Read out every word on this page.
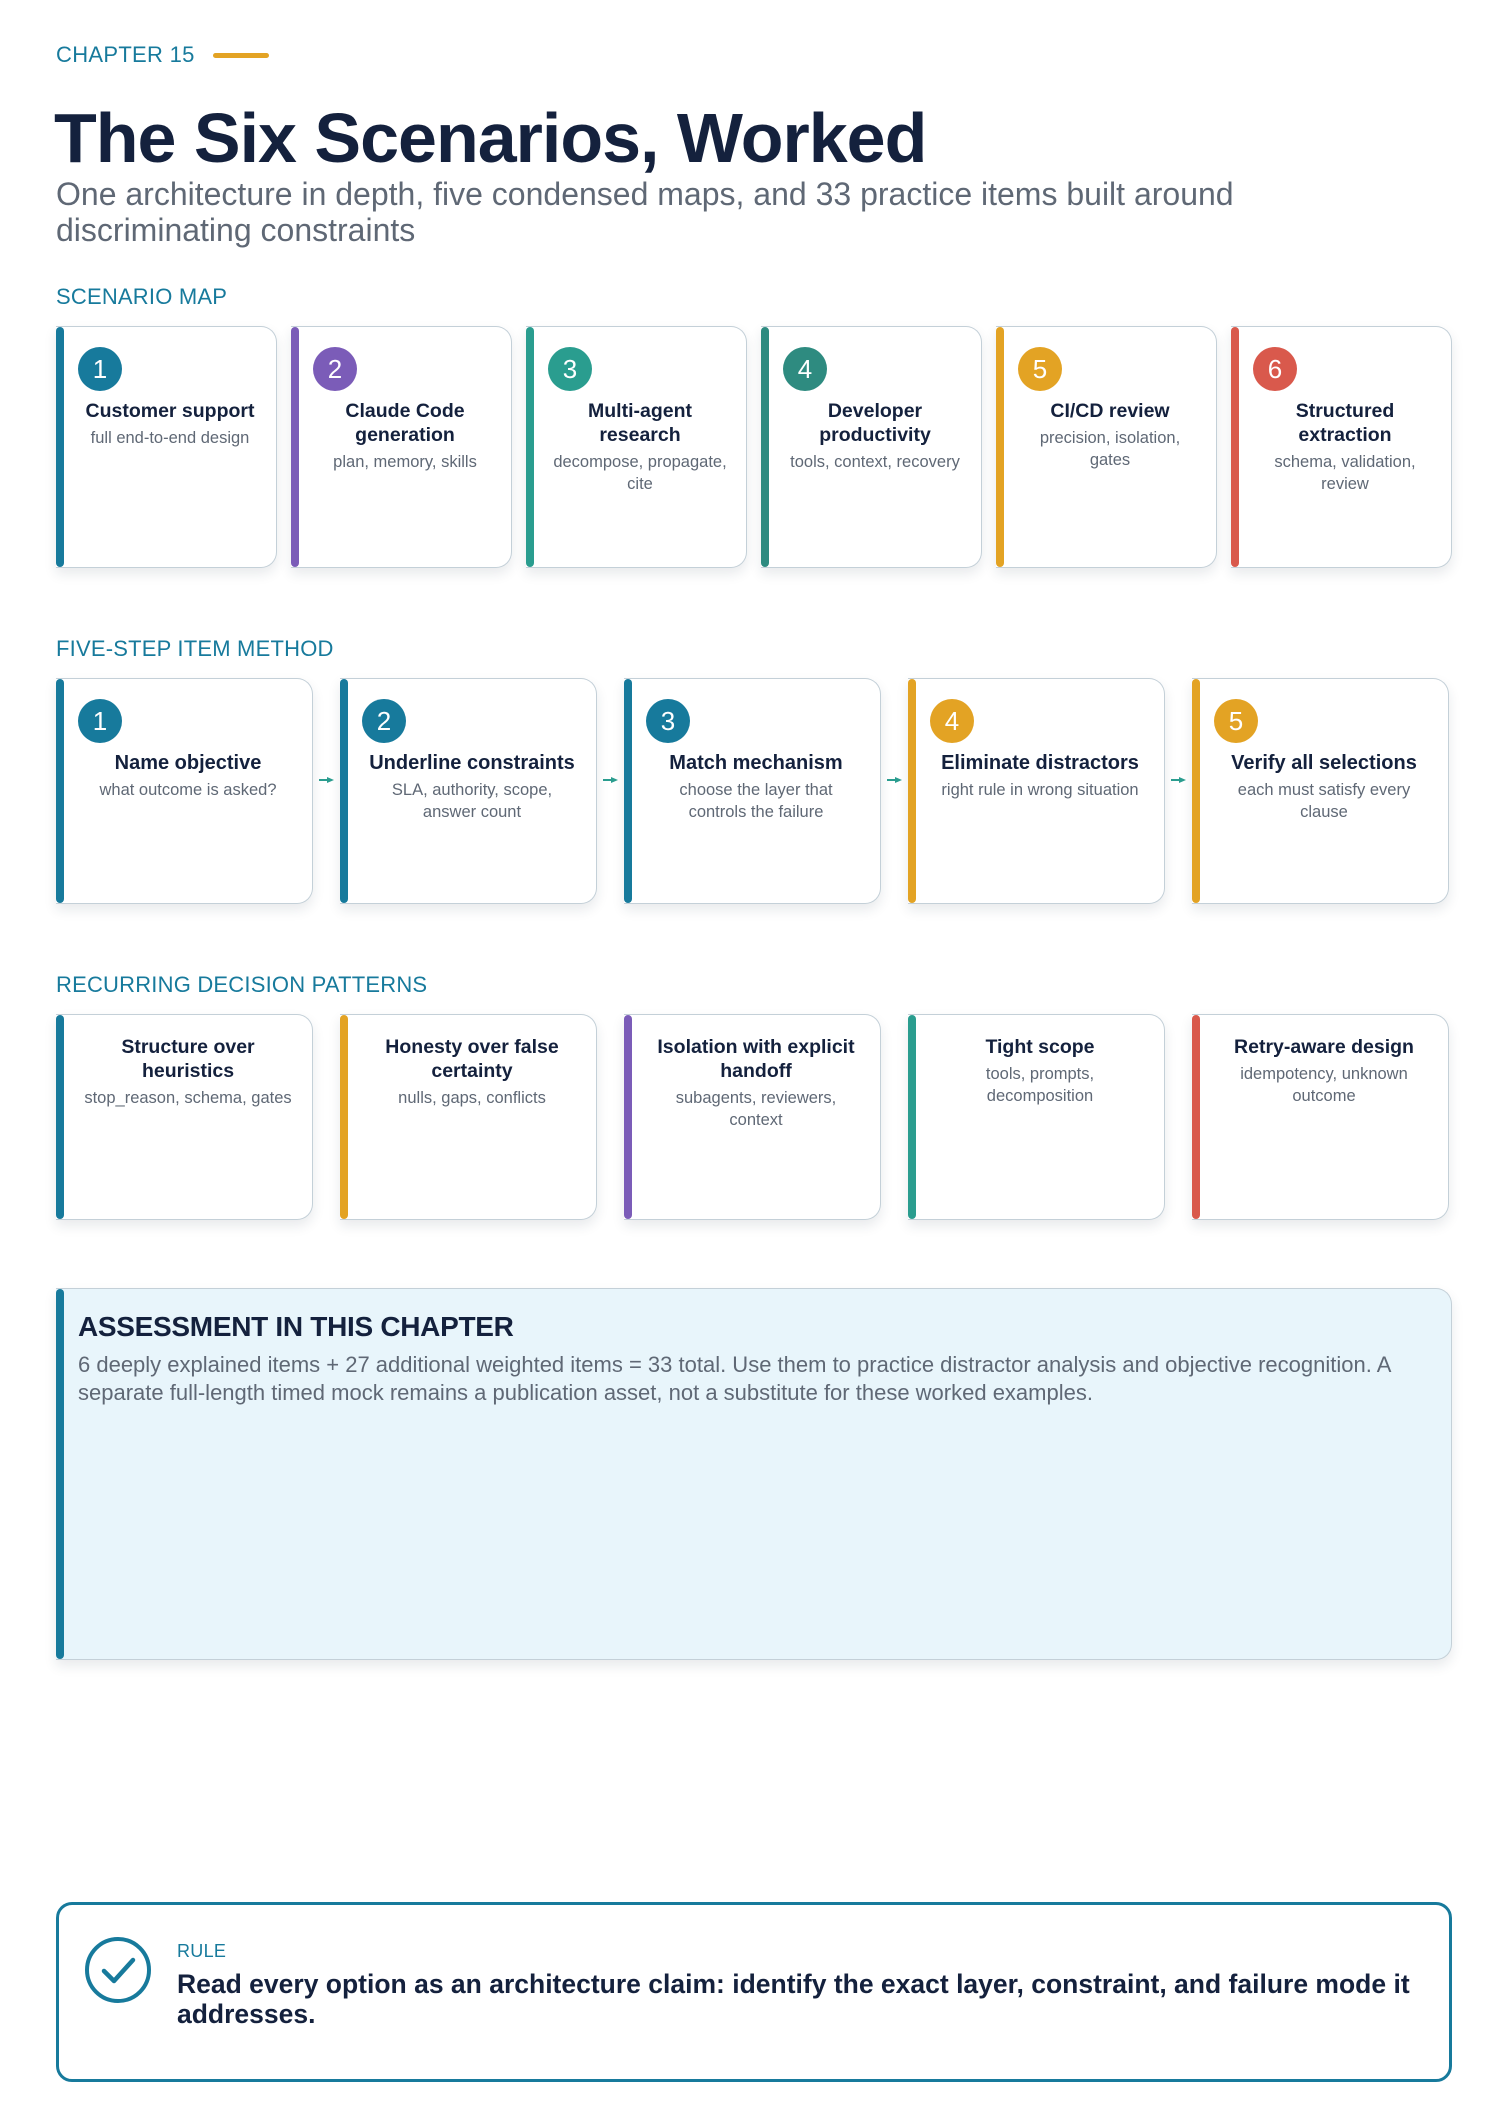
CHAPTER 15
The Six Scenarios, Worked

One architecture in depth, five condensed maps, and 33 practice items built around discriminating constraints

SCENARIO MAP
1
Customer support
full end-to-end design
2
Claude Code generation
plan, memory, skills
3
Multi-agent research
decompose, propagate, cite
4
Developer productivity
tools, context, recovery
5
CI/CD review
precision, isolation, gates
6
Structured extraction
schema, validation, review
FIVE-STEP ITEM METHOD
1
Name objective
what outcome is asked?
2
Underline constraints
SLA, authority, scope, answer count
3
Match mechanism
choose the layer that controls the failure
4
Eliminate distractors
right rule in wrong situation
5
Verify all selections
each must satisfy every clause
RECURRING DECISION PATTERNS
Structure over heuristics
stop_reason, schema, gates
Honesty over false certainty
nulls, gaps, conflicts
Isolation with explicit handoff
subagents, reviewers, context
Tight scope
tools, prompts, decomposition
Retry-aware design
idempotency, unknown outcome
ASSESSMENT IN THIS CHAPTER

6 deeply explained items + 27 additional weighted items = 33 total. Use them to practice distractor analysis and objective recognition. A separate full-length timed mock remains a publication asset, not a substitute for these worked examples.

RULE

Read every option as an architecture claim: identify the exact layer, constraint, and failure mode it addresses.
